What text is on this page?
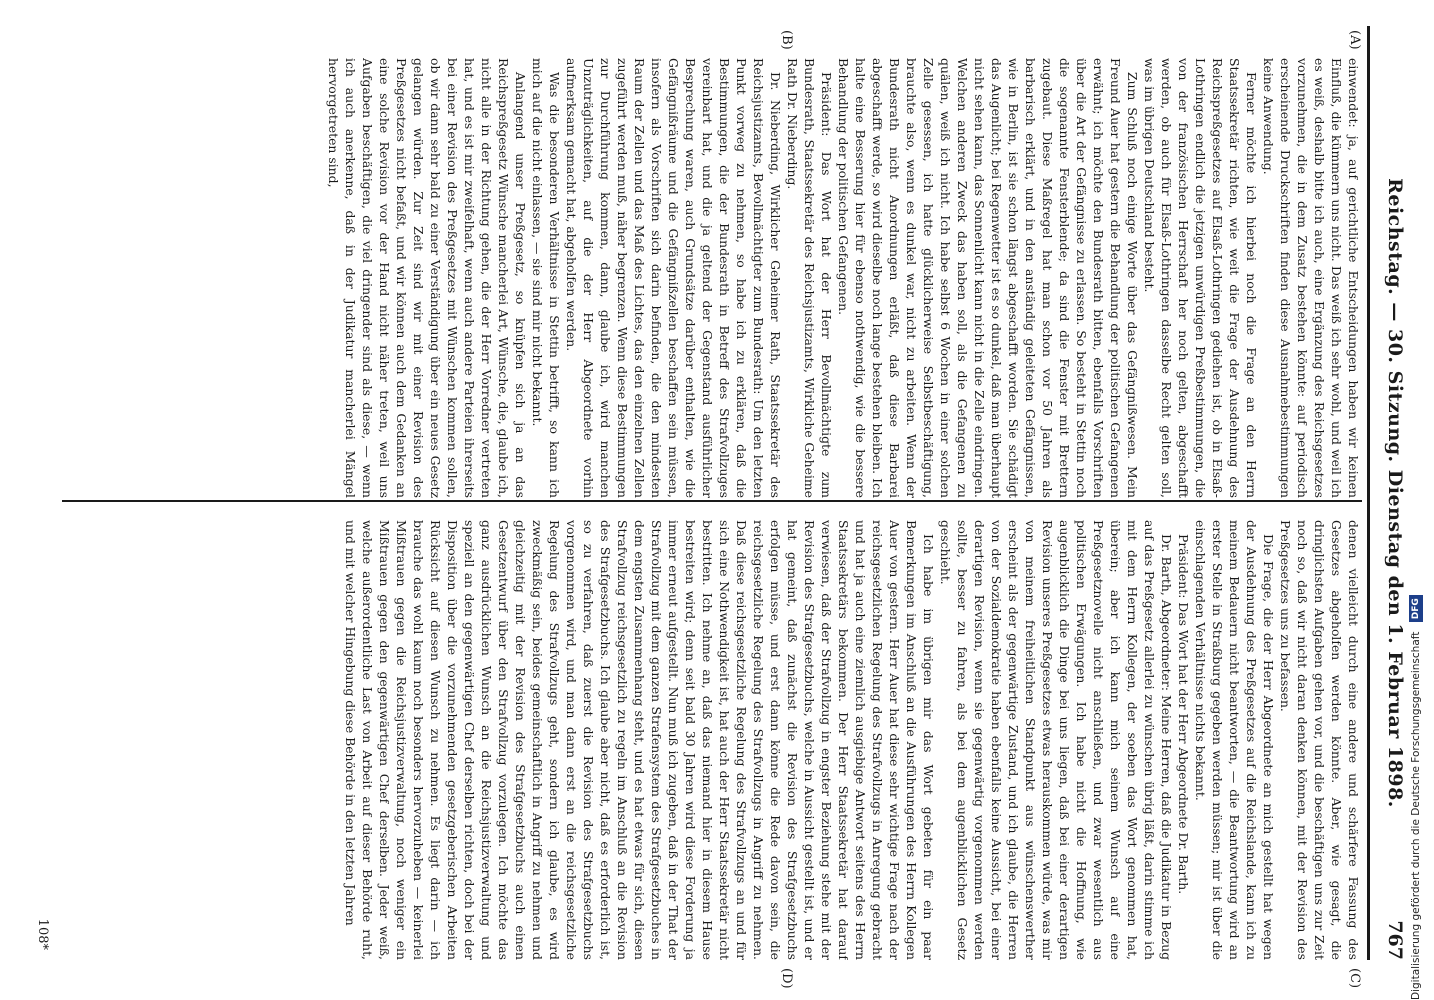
Reichstag. — 30. Sitzung. Dienstag den 1. Februar 1898.
767
(A)
(B)
(C)
(D)

einwendet: ja, auf gerichtliche Entscheidungen haben wir keinen Einfluß, die kümmern uns nicht. Das weiß ich sehr wohl, und weil ich es weiß, deshalb bitte ich auch, eine Ergänzung des Reichsgesetzes vorzunehmen, die in dem Zusatz bestehen könnte: auf periodisch erscheinende Druckschriften finden diese Ausnahmebestimmungen keine Anwendung.

Ferner möchte ich hierbei noch die Frage an den Herrn Staatssekretär richten, wie weit die Frage der Ausdehnung des Reichspreßgesetzes auf Elsaß-Lothringen gediehen ist, ob in Elsaß-Lothringen endlich die jetzigen unwürdigen Preßbestimmungen, die von der französischen Herrschaft her noch gelten, abgeschafft werden, ob auch für Elsaß-Lothringen dasselbe Recht gelten soll, was im übrigen Deutschland besteht.

Zum Schluß noch einige Worte über das Gefängnißwesen. Mein Freund Auer hat gestern die Behandlung der politischen Gefangenen erwähnt; ich möchte den Bundesrath bitten, ebenfalls Vorschriften über die Art der Gefängnisse zu erlassen. So besteht in Stettin noch die sogenannte Fensterblende; da sind die Fenster mit Brettern zugebaut. Diese Maßregel hat man schon vor 50 Jahren als barbarisch erklärt, und in den anständig geleiteten Gefängnissen, wie in Berlin, ist sie schon längst abgeschafft worden. Sie schädigt das Augenlicht; bei Regenwetter ist es so dunkel, daß man überhaupt nicht sehen kann, das Sonnenlicht kann nicht in die Zelle eindringen. Welchen anderen Zweck das haben soll, als die Gefangenen zu quälen, weiß ich nicht. Ich habe selbst 6 Wochen in einer solchen Zelle gesessen, ich hatte glücklicherweise Selbstbeschäftigung, brauchte also, wenn es dunkel war, nicht zu arbeiten. Wenn der Bundesrath nicht Anordnungen erläßt, daß diese Barbarei abgeschafft werde, so wird dieselbe noch lange bestehen bleiben. Ich halte eine Besserung hier für ebenso nothwendig, wie die bessere Behandlung der politischen Gefangenen.

Präsident: Das Wort hat der Herr Bevollmächtigte zum Bundesrath, Staatssekretär des Reichsjustizamts, Wirkliche Geheime Rath Dr. Nieberding.

Dr. Nieberding, Wirklicher Geheimer Rath, Staatssekretär des Reichsjustizamts, Bevollmächtigter zum Bundesrath: Um den letzten Punkt vorweg zu nehmen, so habe ich zu erklären, daß die Bestimmungen, die der Bundesrath in Betreff des Strafvollzuges vereinbart hat, und die ja geltend der Gegenstand ausführlicher Besprechung waren, auch Grundsätze darüber enthalten, wie die Gefängnißräume und die Gefängnißzellen beschaffen sein müssen, insofern als Vorschriften sich darin befinden, die den mindesten Raum der Zellen und das Maß des Lichtes, das den einzelnen Zellen zugeführt werden muß, näher begrenzen. Wenn diese Bestimmungen zur Durchführung kommen, dann, glaube ich, wird manchen Unzuträglichkeiten, auf die der Herr Abgeordnete vorhin aufmerksam gemacht hat, abgeholfen werden.

Was die besonderen Verhältnisse in Stettin betrifft, so kann ich mich auf die nicht einlassen, — sie sind mir nicht bekannt.

Anlangend unser Preßgesetz, so knüpfen sich ja an das Reichspreßgesetz Wünsche mancherlei Art, Wünsche, die, glaube ich, nicht alle in der Richtung gehen, die der Herr Vorredner vertreten hat, und es ist mir zweifelhaft, wenn auch andere Parteien ihrerseits bei einer Revision des Preßgesetzes mit Wünschen kommen sollen, ob wir dann sehr bald zu einer Verständigung über ein neues Gesetz gelangen würden. Zur Zeit sind wir mit einer Revision des Preßgesetzes nicht befaßt, und wir können auch dem Gedanken an eine solche Revision vor der Hand nicht näher treten, weil uns Aufgaben beschäftigen, die viel dringender sind als diese, — wenn ich auch anerkenne, daß in der Judikatur mancherlei Mängel hervorgetreten sind,

denen vielleicht durch eine andere und schärfere Fassung des Gesetzes abgeholfen werden könnte. Aber, wie gesagt, die dringlichsten Aufgaben gehen vor, und die beschäftigen uns zur Zeit noch so, daß wir nicht daran denken können, mit der Revision des Preßgesetzes uns zu befassen.

Die Frage, die der Herr Abgeordnete an mich gestellt hat wegen der Ausdehnung des Preßgesetzes auf die Reichslande, kann ich zu meinem Bedauern nicht beantworten, — die Beantwortung wird an erster Stelle in Straßburg gegeben werden müssen; mir ist über die einschlagenden Verhältnisse nichts bekannt.

Präsident: Das Wort hat der Herr Abgeordnete Dr. Barth.

Dr. Barth, Abgeordneter: Meine Herren, daß die Judikatur in Bezug auf das Preßgesetz allerlei zu wünschen übrig läßt, darin stimme ich mit dem Herrn Kollegen, der soeben das Wort genommen hat, überein; aber ich kann mich seinem Wunsch auf eine Preßgesetznovelle nicht anschließen, und zwar wesentlich aus politischen Erwägungen. Ich habe nicht die Hoffnung, wie augenblicklich die Dinge bei uns liegen, daß bei einer derartigen Revision unseres Preßgesetzes etwas herauskommen würde, was mir von meinem freiheitlichen Standpunkt aus wünschenswerther erscheint als der gegenwärtige Zustand, und ich glaube, die Herren von der Sozialdemokratie haben ebenfalls keine Aussicht, bei einer derartigen Revision, wenn sie gegenwärtig vorgenommen werden sollte, besser zu fahren, als bei dem augenblicklichen Gesetz geschieht.

Ich habe im übrigen mir das Wort gebeten für ein paar Bemerkungen im Anschluß an die Ausführungen des Herrn Kollegen Auer von gestern. Herr Auer hat diese sehr wichtige Frage nach der reichsgesetzlichen Regelung des Strafvollzugs in Anregung gebracht und hat ja auch eine ziemlich ausgiebige Antwort seitens des Herrn Staatssekretärs bekommen. Der Herr Staatssekretär hat darauf verwiesen, daß der Strafvollzug in engster Beziehung stehe mit der Revision des Strafgesetzbuchs, welche in Aussicht gestellt ist, und er hat gemeint, daß zunächst die Revision des Strafgesetzbuchs erfolgen müsse, und erst dann könne die Rede davon sein, die reichsgesetzliche Regelung des Strafvollzugs in Angriff zu nehmen. Daß diese reichsgesetzliche Regelung des Strafvollzugs an und für sich eine Nothwendigkeit ist, hat auch der Herr Staatssekretär nicht bestritten. Ich nehme an, daß das niemand hier in diesem Hause bestreiten wird; denn seit bald 30 Jahren wird diese Forderung ja immer erneut aufgestellt. Nun muß ich zugeben, daß in der That der Strafvollzug mit dem ganzen Strafensystem des Strafgesetzbuches in dem engsten Zusammenhang steht, und es hat etwas für sich, diesen Strafvollzug reichsgesetzlich zu regeln im Anschluß an die Revision des Strafgesetzbuchs. Ich glaube aber nicht, daß es erforderlich ist, so zu verfahren, daß zuerst die Revision des Strafgesetzbuchs vorgenommen wird, und man dann erst an die reichsgesetzliche Regelung des Strafvollzugs geht, sondern ich glaube, es wird zweckmäßig sein, beides gemeinschaftlich in Angriff zu nehmen und gleichzeitig mit der Revision des Strafgesetzbuchs auch einen Gesetzentwurf über den Strafvollzug vorzulegen. Ich möchte das ganz ausdrücklichen Wunsch an die Reichsjustizverwaltung und speziell an den gegenwärtigen Chef derselben richten, doch bei der Disposition über die vorzunehmenden gesetzgeberischen Arbeiten Rücksicht auf diesen Wunsch zu nehmen. Es liegt darin — ich brauche das wohl kaum noch besonders hervorzuheben — keinerlei Mißtrauen gegen die Reichsjustizverwaltung, noch weniger ein Mißtrauen gegen den gegenwärtigen Chef derselben. Jeder weiß, welche außerordentliche Last von Arbeit auf dieser Behörde ruht, und mit welcher Hingebung diese Behörde in den letzten Jahren

108*	Digitalisierung gefördert durch die Deutsche Forschungsgemeinschaft DFG
